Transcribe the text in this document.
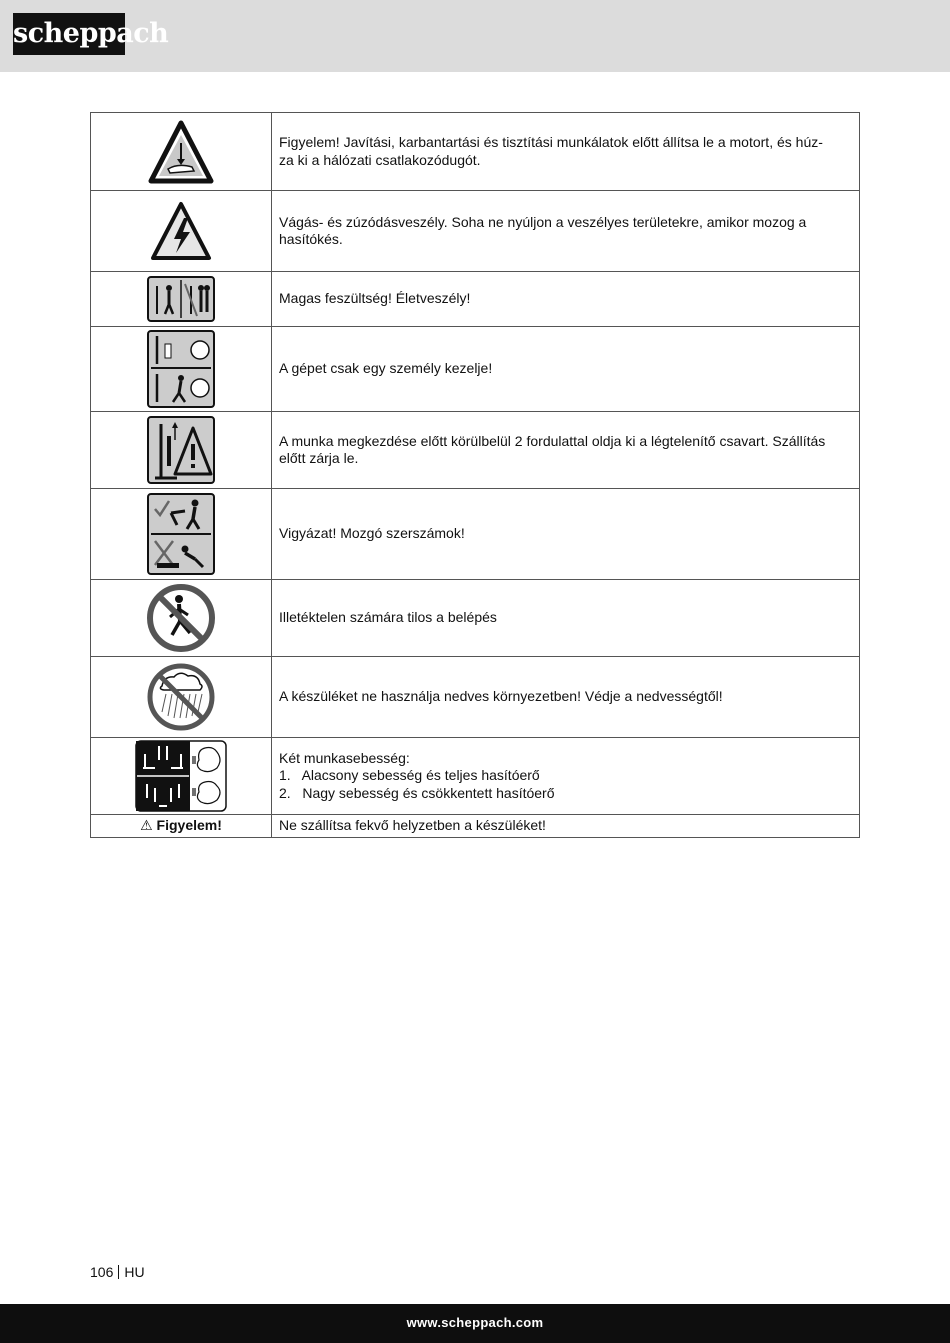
scheppach

Figyelem! Javítási, karbantartási és tisztítási munkálatok előtt állítsa le a motort, és húz-
za ki a hálózati csatlakozódugót.

Vágás- és zúzódásveszély. Soha ne nyúljon a veszélyes területekre, amikor mozog a
hasítókés.

Magas feszültség! Életveszély!

A gépet csak egy személy kezelje!

A munka megkezdése előtt körülbelül 2 fordulattal oldja ki a légtelenítő csavart. Szállítás
előtt zárja le.

Vigyázat! Mozgó szerszámok!

Illetéktelen számára tilos a belépés

A készüléket ne használja nedves környezetben! Védje a nedvességtől!

Két munkasebesség:
1.   Alacsony sebesség és teljes hasítóerő
2.   Nagy sebesség és csökkentett hasítóerő

⚠ Figyelem!	Ne szállítsa fekvő helyzetben a készüléket!
106 HU
www.scheppach.com
